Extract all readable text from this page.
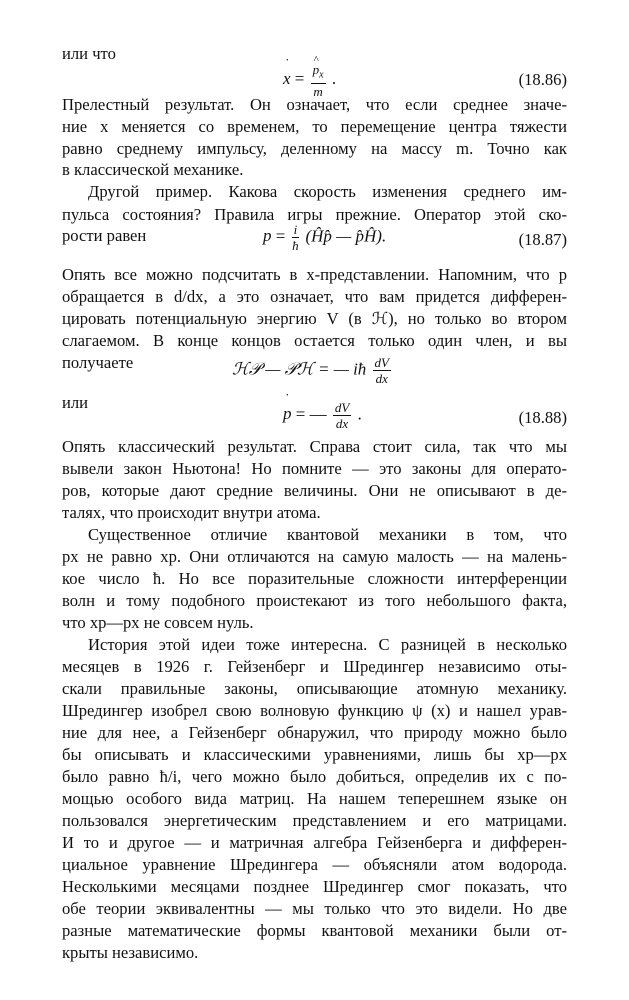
или что
Прелестный результат. Он означает, что если среднее значе-
ние x меняется со временем, то перемещение центра тяжести
равно среднему импульсу, деленному на массу m. Точно как
в классической механике.
Другой пример. Какова скорость изменения среднего им-
пульса состояния? Правила игры прежние. Оператор этой ско-
рости равен
Опять все можно подсчитать в x-представлении. Напомним, что p
обращается в d/dx, а это означает, что вам придется дифферен-
цировать потенциальную энергию V (в ℋ), но только во втором
слагаемом. В конце концов остается только один член, и вы
получаете
или
Опять классический результат. Справа стоит сила, так что мы
вывели закон Ньютона! Но помните — это законы для операто-
ров, которые дают средние величины. Они не описывают в де-
талях, что происходит внутри атома.
Существенное отличие квантовой механики в том, что
px не равно xp. Они отличаются на самую малость — на малень-
кое число ħ. Но все поразительные сложности интерференции
волн и тому подобного проистекают из того небольшого факта,
что xp—px не совсем нуль.
История этой идеи тоже интересна. С разницей в несколько
месяцев в 1926 г. Гейзенберг и Шредингер независимо оты-
скали правильные законы, описывающие атомную механику.
Шредингер изобрел свою волновую функцию ψ (x) и нашел урав-
ние для нее, а Гейзенберг обнаружил, что природу можно было
бы описывать и классическими уравнениями, лишь бы xp—px
было равно ħ/i, чего можно было добиться, определив их с по-
мощью особого вида матриц. На нашем теперешнем языке он
пользовался энергетическим представлением и его матрицами.
И то и другое — и матричная алгебра Гейзенберга и дифферен-
циальное уравнение Шредингера — объясняли атом водорода.
Несколькими месяцами позднее Шредингер смог показать, что
обе теории эквивалентны — мы только что это видели. Но две
разные математические формы квантовой механики были от-
крыты независимо.
x ˙ = ^ $\frac{p_x}{m}$ .	(18.86)
p ˙ = $\frac{i}{ħ}$ (Ĥp̂ — p̂Ĥ).	(18.87)
ℋ𝒫 — 𝒫ℋ = — iħ $\frac{dV}{dx}$
p ˙ = — $\frac{dV}{dx}$ .	(18.88)
